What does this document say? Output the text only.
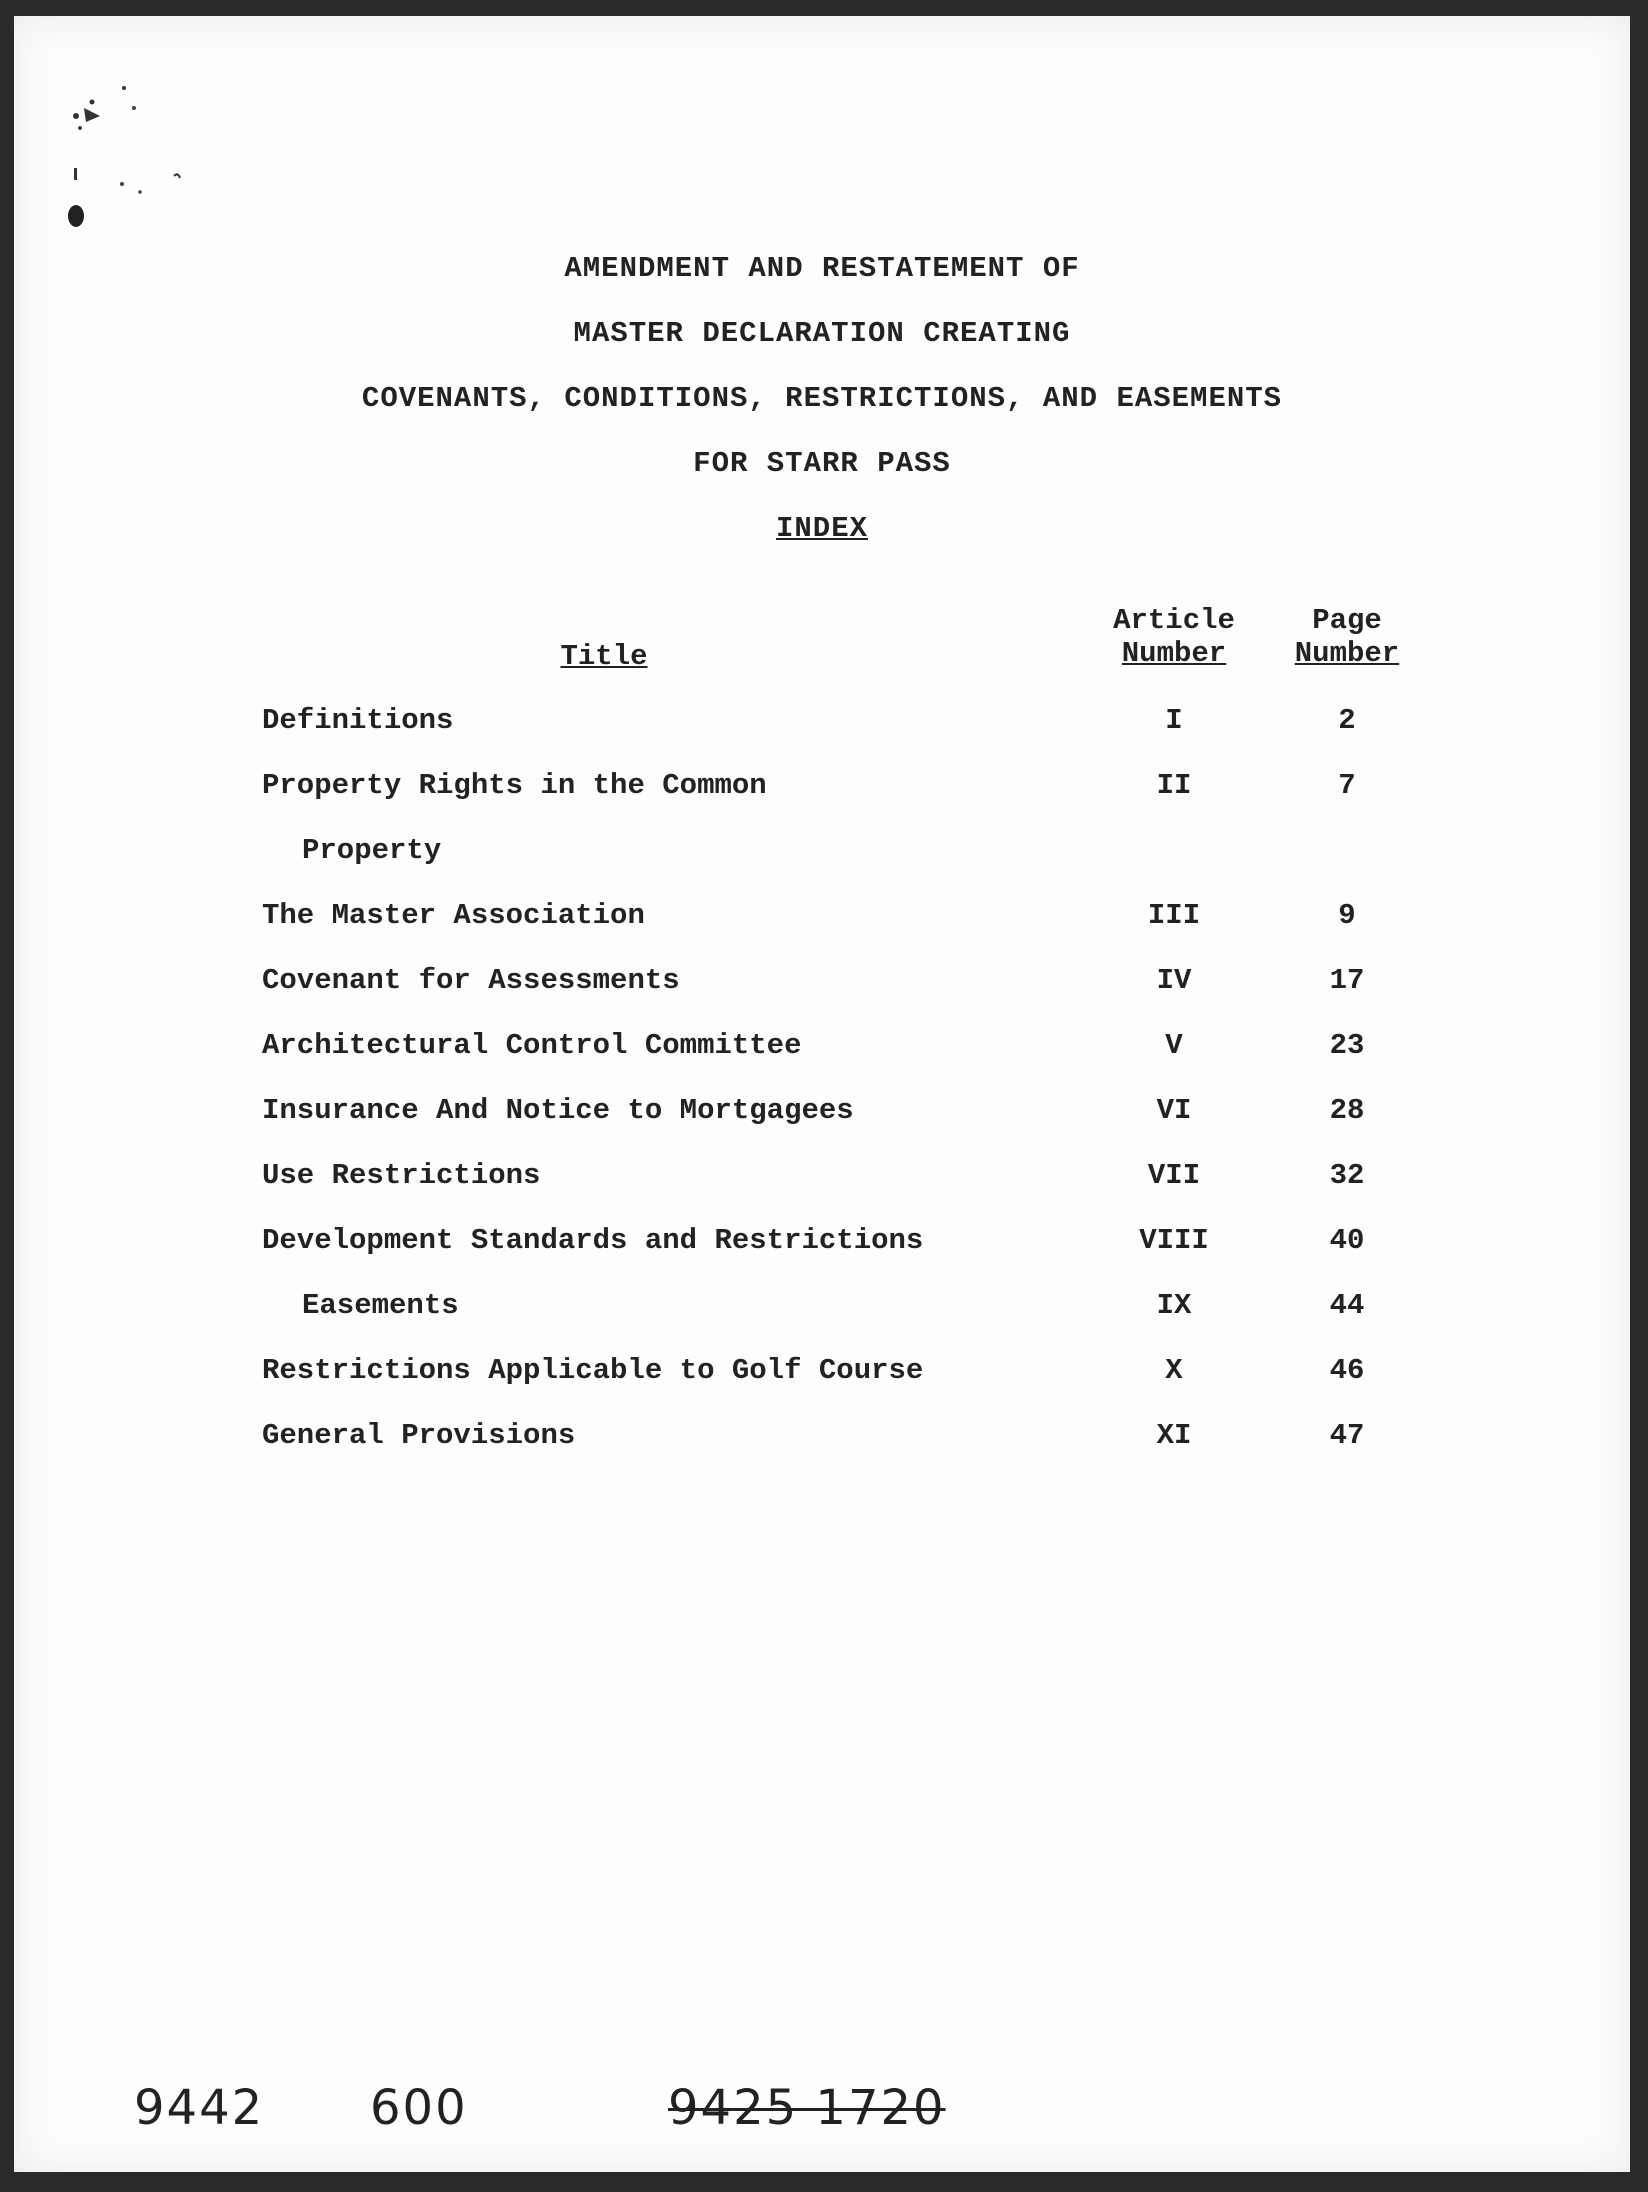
AMENDMENT AND RESTATEMENT OF
MASTER DECLARATION CREATING
COVENANTS, CONDITIONS, RESTRICTIONS, AND EASEMENTS
FOR STARR PASS
INDEX
Title
Article
Number
Page
Number
Definitions	I	2
Property Rights in the Common	II	7
Property
The Master Association	III	9
Covenant for Assessments	IV	17
Architectural Control Committee	V	23
Insurance And Notice to Mortgagees	VI	28
Use Restrictions	VII	32
Development Standards and Restrictions	VIII	40
Easements	IX	44
Restrictions Applicable to Golf Course	X	46
General Provisions	XI	47
9442 600	9425 1720
